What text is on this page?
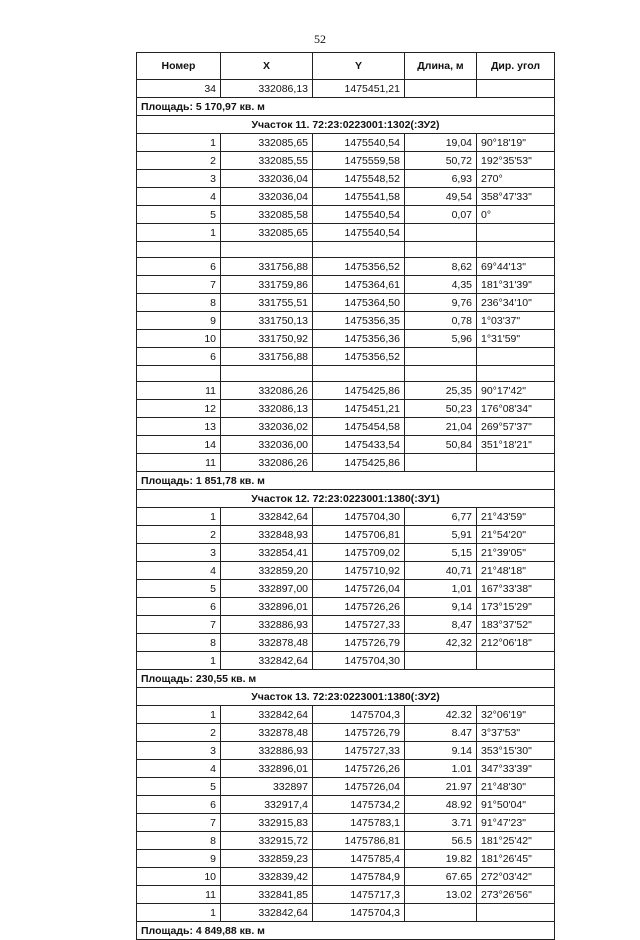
52
Номер	X	Y	Длина, м	Дир. угол
34	332086,13	1475451,21		
Площадь: 5 170,97 кв. м				
Участок 11. 72:23:0223001:1302(:ЗУ2)				
1	332085,65	1475540,54	19,04	90°18'19"
2	332085,55	1475559,58	50,72	192°35'53"
3	332036,04	1475548,52	6,93	270°
4	332036,04	1475541,58	49,54	358°47'33"
5	332085,58	1475540,54	0,07	0°
1	332085,65	1475540,54		

6	331756,88	1475356,52	8,62	69°44'13"
7	331759,86	1475364,61	4,35	181°31'39"
8	331755,51	1475364,50	9,76	236°34'10"
9	331750,13	1475356,35	0,78	1°03'37"
10	331750,92	1475356,36	5,96	1°31'59"
6	331756,88	1475356,52		

11	332086,26	1475425,86	25,35	90°17'42"
12	332086,13	1475451,21	50,23	176°08'34"
13	332036,02	1475454,58	21,04	269°57'37"
14	332036,00	1475433,54	50,84	351°18'21"
11	332086,26	1475425,86		
Площадь: 1 851,78 кв. м				
Участок 12. 72:23:0223001:1380(:ЗУ1)				
1	332842,64	1475704,30	6,77	21°43'59"
2	332848,93	1475706,81	5,91	21°54'20"
3	332854,41	1475709,02	5,15	21°39'05"
4	332859,20	1475710,92	40,71	21°48'18"
5	332897,00	1475726,04	1,01	167°33'38"
6	332896,01	1475726,26	9,14	173°15'29"
7	332886,93	1475727,33	8,47	183°37'52"
8	332878,48	1475726,79	42,32	212°06'18"
1	332842,64	1475704,30		
Площадь: 230,55 кв. м				
Участок 13. 72:23:0223001:1380(:ЗУ2)				
1	332842,64	1475704,3	42.32	32°06'19"
2	332878,48	1475726,79	8.47	3°37'53"
3	332886,93	1475727,33	9.14	353°15'30"
4	332896,01	1475726,26	1.01	347°33'39"
5	332897	1475726,04	21.97	21°48'30"
6	332917,4	1475734,2	48.92	91°50'04"
7	332915,83	1475783,1	3.71	91°47'23"
8	332915,72	1475786,81	56.5	181°25'42"
9	332859,23	1475785,4	19.82	181°26'45"
10	332839,42	1475784,9	67.65	272°03'42"
11	332841,85	1475717,3	13.02	273°26'56"
1	332842,64	1475704,3		
Площадь: 4 849,88 кв. м				
